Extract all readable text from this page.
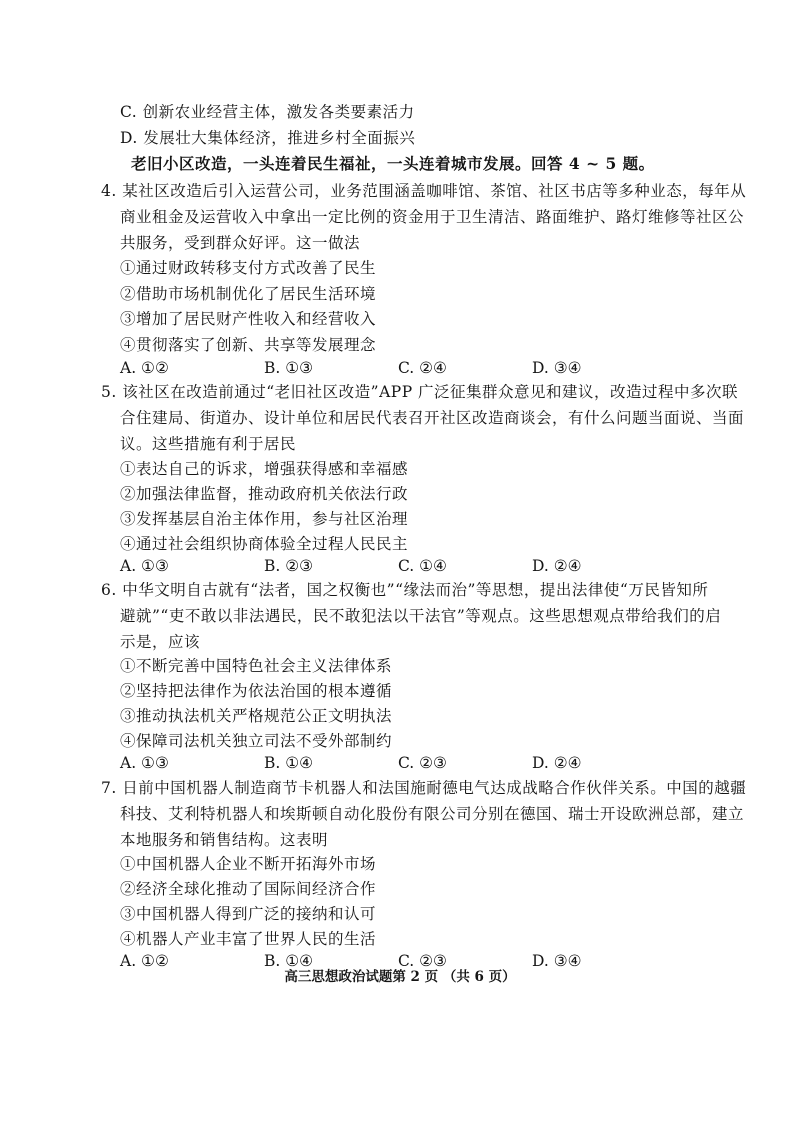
C. 创新农业经营主体，激发各类要素活力
D. 发展壮大集体经济，推进乡村全面振兴
老旧小区改造，一头连着民生福祉，一头连着城市发展。回答 4 ~ 5 题。
4. 某社区改造后引入运营公司，业务范围涵盖咖啡馆、茶馆、社区书店等多种业态，每年从
商业租金及运营收入中拿出一定比例的资金用于卫生清洁、路面维护、路灯维修等社区公
共服务，受到群众好评。这一做法
①通过财政转移支付方式改善了民生
②借助市场机制优化了居民生活环境
③增加了居民财产性收入和经营收入
④贯彻落实了创新、共享等发展理念
A. ①②	B. ①③	C. ②④	D. ③④
5. 该社区在改造前通过“老旧社区改造”APP 广泛征集群众意见和建议，改造过程中多次联
合住建局、街道办、设计单位和居民代表召开社区改造商谈会，有什么问题当面说、当面
议。这些措施有利于居民
①表达自己的诉求，增强获得感和幸福感
②加强法律监督，推动政府机关依法行政
③发挥基层自治主体作用，参与社区治理
④通过社会组织协商体验全过程人民民主
A. ①③	B. ②③	C. ①④	D. ②④
6. 中华文明自古就有“法者，国之权衡也”“缘法而治”等思想，提出法律使“万民皆知所
避就”“吏不敢以非法遇民，民不敢犯法以干法官”等观点。这些思想观点带给我们的启
示是，应该
①不断完善中国特色社会主义法律体系
②坚持把法律作为依法治国的根本遵循
③推动执法机关严格规范公正文明执法
④保障司法机关独立司法不受外部制约
A. ①③	B. ①④	C. ②③	D. ②④
7. 日前中国机器人制造商节卡机器人和法国施耐德电气达成战略合作伙伴关系。中国的越疆
科技、艾利特机器人和埃斯顿自动化股份有限公司分别在德国、瑞士开设欧洲总部，建立
本地服务和销售结构。这表明
①中国机器人企业不断开拓海外市场
②经济全球化推动了国际间经济合作
③中国机器人得到广泛的接纳和认可
④机器人产业丰富了世界人民的生活
A. ①②	B. ①④	C. ②③	D. ③④
高三思想政治试题第 2 页 （共 6 页）
